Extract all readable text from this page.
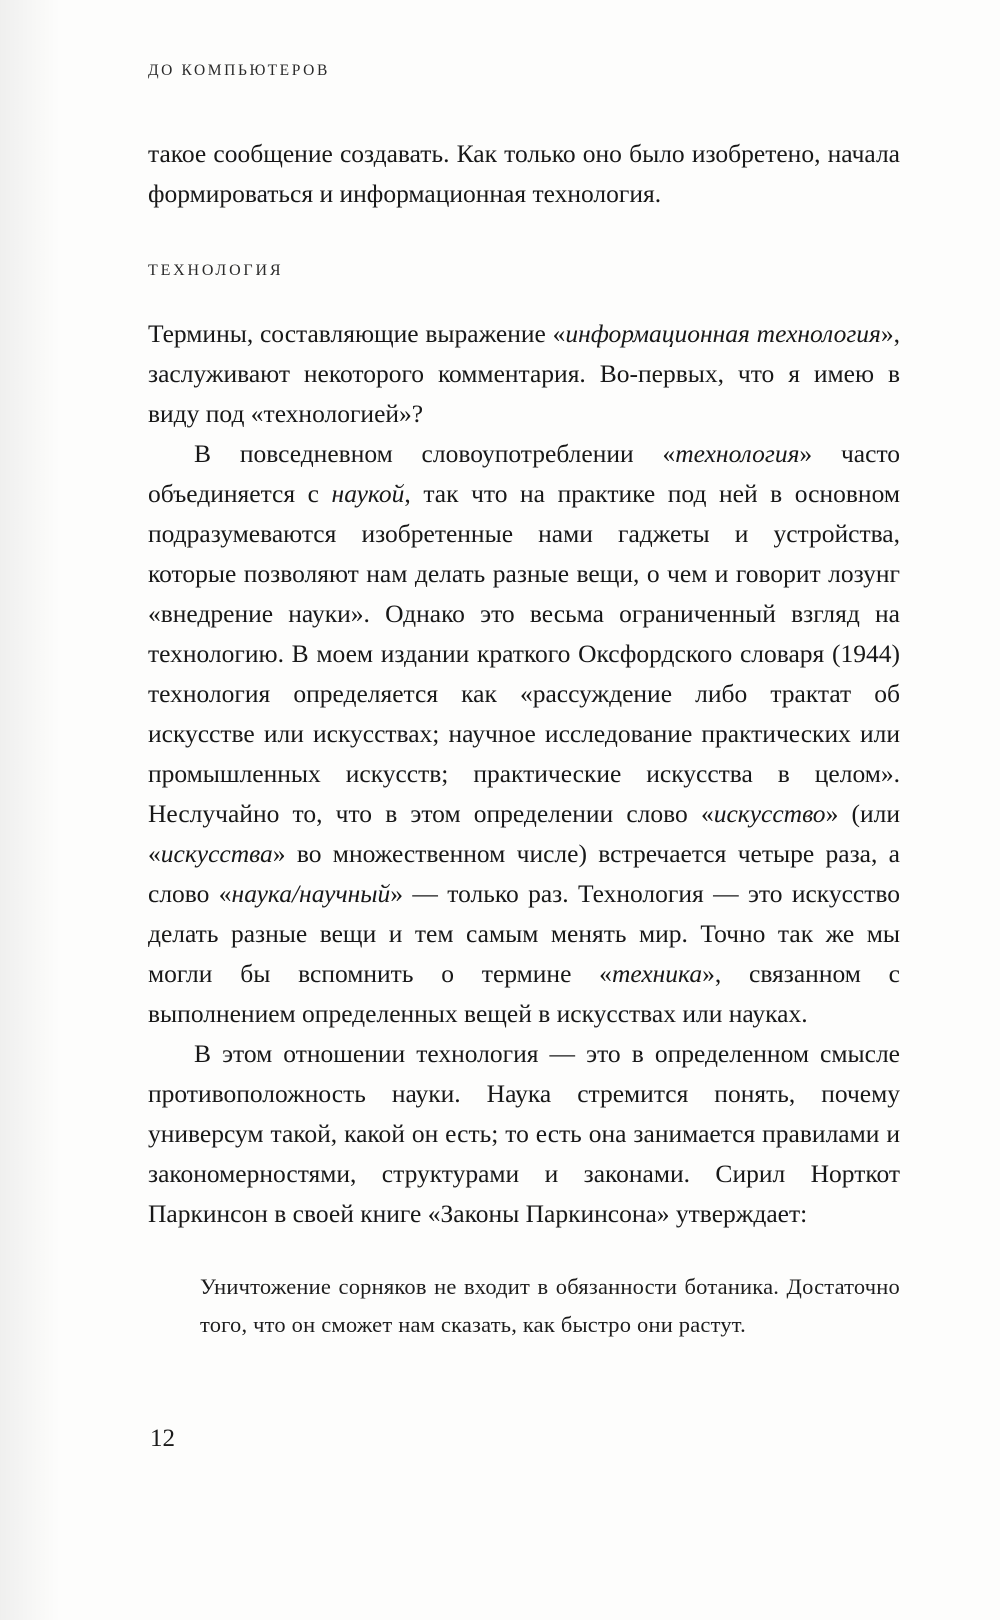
ДО КОМПЬЮТЕРОВ

такое сообщение создавать. Как только оно было изобретено, начала формироваться и информационная технология.

ТЕХНОЛОГИЯ

Термины, составляющие выражение «информационная технология», заслуживают некоторого комментария. Во-первых, что я имею в виду под «технологией»?

В повседневном словоупотреблении «технология» часто объединяется с наукой, так что на практике под ней в основном подразумеваются изобретенные нами гаджеты и устройства, которые позволяют нам делать разные вещи, о чем и говорит лозунг «внедрение науки». Однако это весьма ограниченный взгляд на технологию. В моем издании краткого Оксфордского словаря (1944) технология определяется как «рассуждение либо трактат об искусстве или искусствах; научное исследование практических или промышленных искусств; практические искусства в целом». Неслучайно то, что в этом определении слово «искусство» (или «искусства» во множественном числе) встречается четыре раза, а слово «наука/научный» — только раз. Технология — это искусство делать разные вещи и тем самым менять мир. Точно так же мы могли бы вспомнить о термине «техника», связанном с выполнением определенных вещей в искусствах или науках.

В этом отношении технология — это в определенном смысле противоположность науки. Наука стремится понять, почему универсум такой, какой он есть; то есть она занимается правилами и закономерностями, структурами и законами. Сирил Норткот Паркинсон в своей книге «Законы Паркинсона» утверждает:

Уничтожение сорняков не входит в обязанности ботаника. Достаточно того, что он сможет нам сказать, как быстро они растут.

12
